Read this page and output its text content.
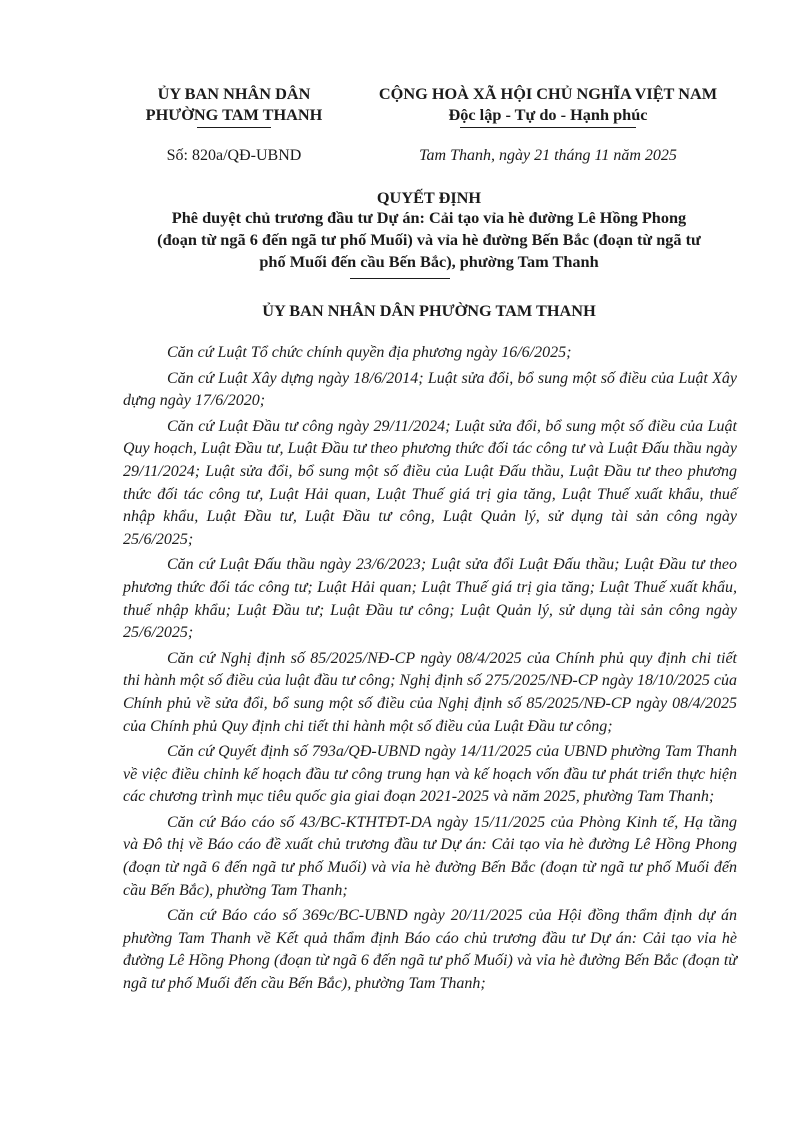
ỦY BAN NHÂN DÂN
PHƯỜNG TAM THANH
CỘNG HOÀ XÃ HỘI CHỦ NGHĨA VIỆT NAM
Độc lập - Tự do - Hạnh phúc
Số: 820a/QĐ-UBND	Tam Thanh, ngày 21 tháng 11 năm 2025
QUYẾT ĐỊNH
Phê duyệt chủ trương đầu tư Dự án: Cải tạo vỉa hè đường Lê Hồng Phong (đoạn từ ngã 6 đến ngã tư phố Muối) và vỉa hè đường Bến Bắc (đoạn từ ngã tư phố Muối đến cầu Bến Bắc), phường Tam Thanh
ỦY BAN NHÂN DÂN PHƯỜNG TAM THANH

Căn cứ Luật Tổ chức chính quyền địa phương ngày 16/6/2025;

Căn cứ Luật Xây dựng ngày 18/6/2014; Luật sửa đổi, bổ sung một số điều của Luật Xây dựng ngày 17/6/2020;

Căn cứ Luật Đầu tư công ngày 29/11/2024; Luật sửa đổi, bổ sung một số điều của Luật Quy hoạch, Luật Đầu tư, Luật Đầu tư theo phương thức đối tác công tư và Luật Đấu thầu ngày 29/11/2024; Luật sửa đổi, bổ sung một số điều của Luật Đấu thầu, Luật Đầu tư theo phương thức đối tác công tư, Luật Hải quan, Luật Thuế giá trị gia tăng, Luật Thuế xuất khẩu, thuế nhập khẩu, Luật Đầu tư, Luật Đầu tư công, Luật Quản lý, sử dụng tài sản công ngày 25/6/2025;

Căn cứ Luật Đấu thầu ngày 23/6/2023; Luật sửa đổi Luật Đấu thầu; Luật Đầu tư theo phương thức đối tác công tư; Luật Hải quan; Luật Thuế giá trị gia tăng; Luật Thuế xuất khẩu, thuế nhập khẩu; Luật Đầu tư; Luật Đầu tư công; Luật Quản lý, sử dụng tài sản công ngày 25/6/2025;

Căn cứ Nghị định số 85/2025/NĐ-CP ngày 08/4/2025 của Chính phủ quy định chi tiết thi hành một số điều của luật đầu tư công; Nghị định số 275/2025/NĐ-CP ngày 18/10/2025 của Chính phủ về sửa đổi, bổ sung một số điều của Nghị định số 85/2025/NĐ-CP ngày 08/4/2025 của Chính phủ Quy định chi tiết thi hành một số điều của Luật Đầu tư công;

Căn cứ Quyết định số 793a/QĐ-UBND ngày 14/11/2025 của UBND phường Tam Thanh về việc điều chỉnh kế hoạch đầu tư công trung hạn và kế hoạch vốn đầu tư phát triển thực hiện các chương trình mục tiêu quốc gia giai đoạn 2021-2025 và năm 2025, phường Tam Thanh;

Căn cứ Báo cáo số 43/BC-KTHTĐT-DA ngày 15/11/2025 của Phòng Kinh tế, Hạ tầng và Đô thị về Báo cáo đề xuất chủ trương đầu tư Dự án: Cải tạo vỉa hè đường Lê Hồng Phong (đoạn từ ngã 6 đến ngã tư phố Muối) và vỉa hè đường Bến Bắc (đoạn từ ngã tư phố Muối đến cầu Bến Bắc), phường Tam Thanh;

Căn cứ Báo cáo số 369c/BC-UBND ngày 20/11/2025 của Hội đồng thẩm định dự án phường Tam Thanh về Kết quả thẩm định Báo cáo chủ trương đầu tư Dự án: Cải tạo vỉa hè đường Lê Hồng Phong (đoạn từ ngã 6 đến ngã tư phố Muối) và vỉa hè đường Bến Bắc (đoạn từ ngã tư phố Muối đến cầu Bến Bắc), phường Tam Thanh;
